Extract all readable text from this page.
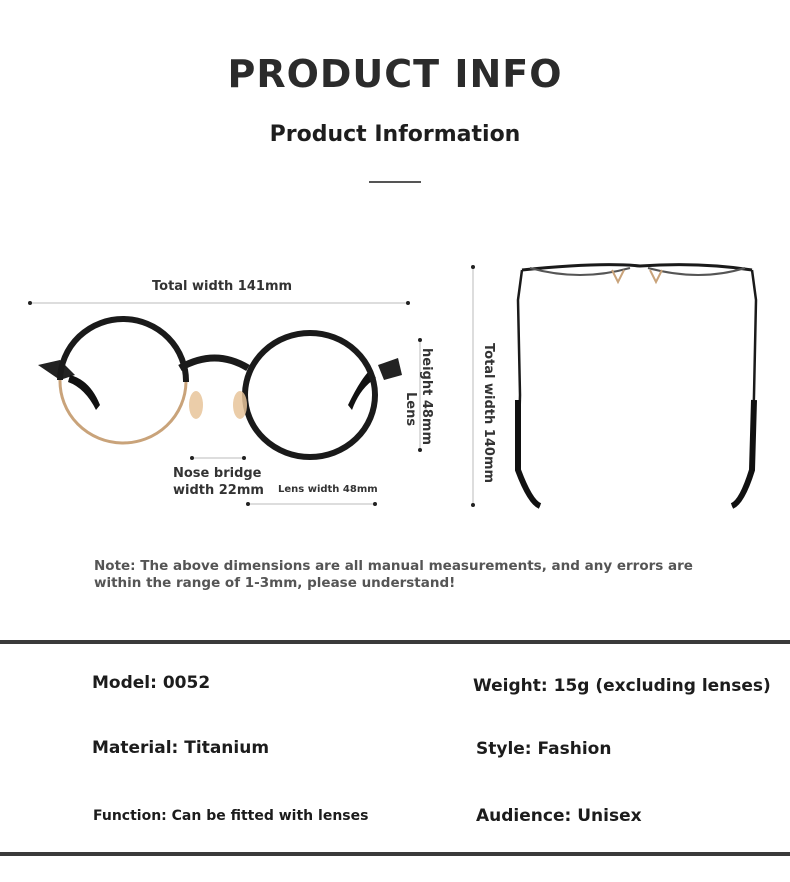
PRODUCT INFO
Product Information
Total width 141mm
Lens height 48mm
Nose bridge
width 22mm Lens width 48mm
Total width 140mm
Note: The above dimensions are all manual measurements, and any errors are within the range of 1-3mm, please understand!
Model: 0052	Weight: 15g (excluding lenses)
Material: Titanium	Style: Fashion
Function: Can be fitted with lenses	Audience: Unisex
